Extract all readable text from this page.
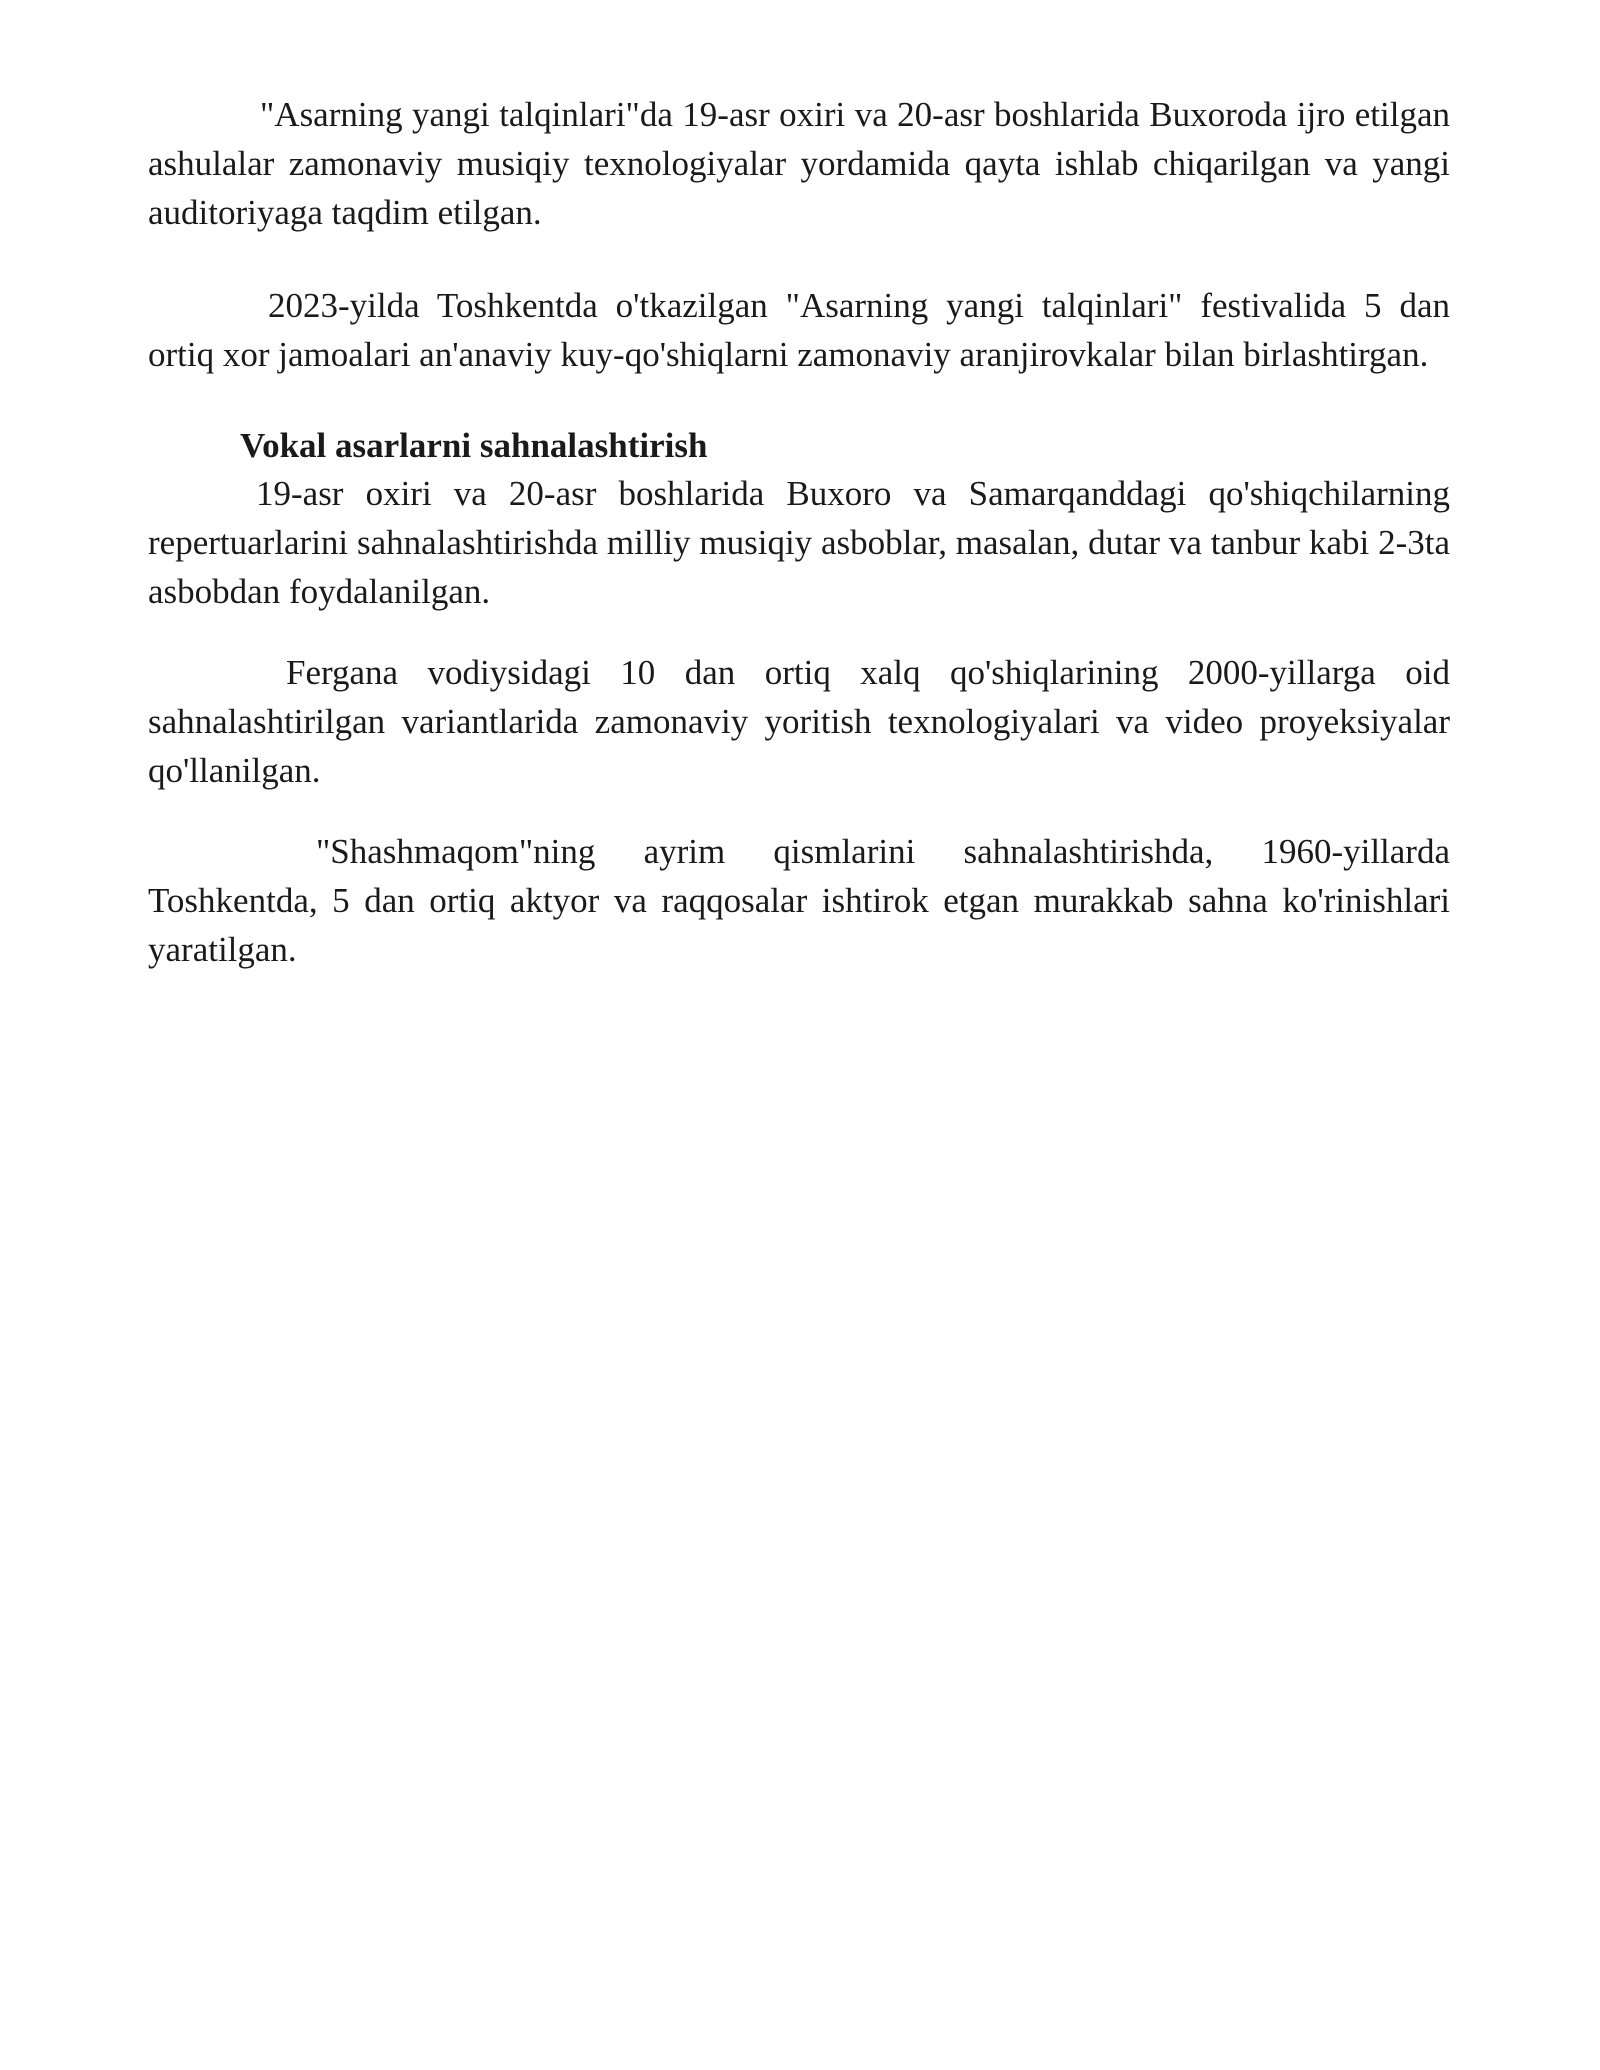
"Asarning yangi talqinlari"da 19-asr oxiri va 20-asr boshlarida Buxoroda ijro etilgan ashulalar zamonaviy musiqiy texnologiyalar yordamida qayta ishlab chiqarilgan va yangi auditoriyaga taqdim etilgan.

2023-yilda Toshkentda o'tkazilgan "Asarning yangi talqinlari" festivalida 5 dan ortiq xor jamoalari an'anaviy kuy-qo'shiqlarni zamonaviy aranjirovkalar bilan birlashtirgan.

Vokal asarlarni sahnalashtirish

19-asr oxiri va 20-asr boshlarida Buxoro va Samarqanddagi qo'shiqchilarning repertuarlarini sahnalashtirishda milliy musiqiy asboblar, masalan, dutar va tanbur kabi 2-3ta asbobdan foydalanilgan.

Fergana vodiysidagi 10 dan ortiq xalq qo'shiqlarining 2000-yillarga oid sahnalashtirilgan variantlarida zamonaviy yoritish texnologiyalari va video proyeksiyalar qo'llanilgan.

"Shashmaqom"ning ayrim qismlarini sahnalashtirishda, 1960-yillarda Toshkentda, 5 dan ortiq aktyor va raqqosalar ishtirok etgan murakkab sahna ko'rinishlari yaratilgan.
